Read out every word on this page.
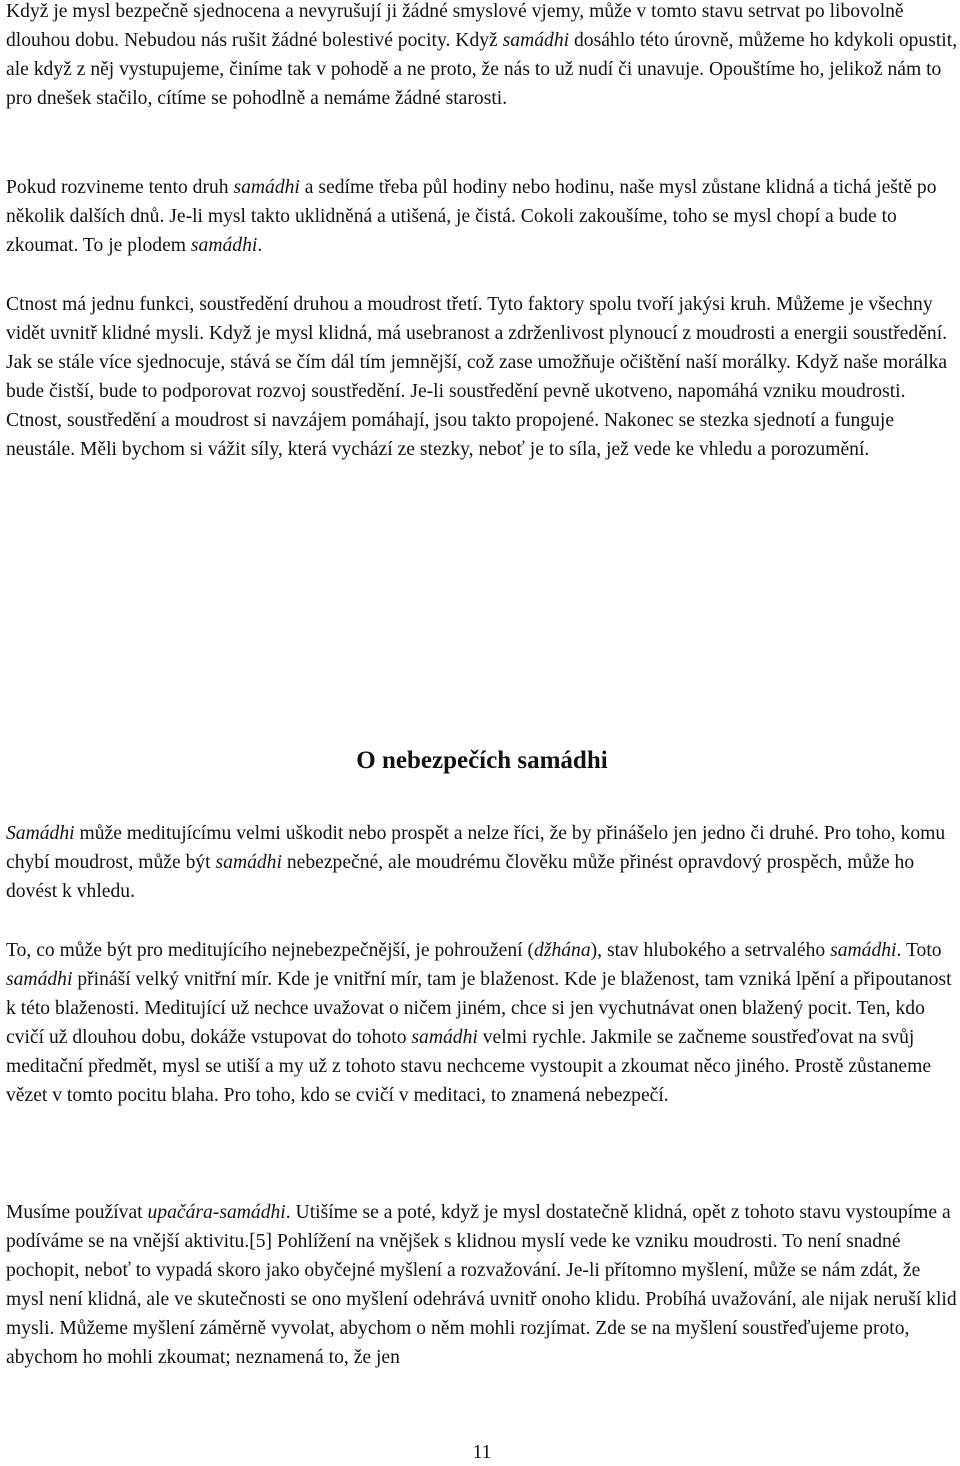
Když je mysl bezpečně sjednocena a nevyrušují ji žádné smyslové vjemy, může v tomto stavu setrvat po libovolně dlouhou dobu. Nebudou nás rušit žádné bolestivé pocity. Když samádhi dosáhlo této úrovně, můžeme ho kdykoli opustit, ale když z něj vystupujeme, činíme tak v pohodě a ne proto, že nás to už nudí či unavuje. Opouštíme ho, jelikož nám to pro dnešek stačilo, cítíme se pohodlně a nemáme žádné starosti.

Pokud rozvineme tento druh samádhi a sedíme třeba půl hodiny nebo hodinu, naše mysl zůstane klidná a tichá ještě po několik dalších dnů. Je-li mysl takto uklidněná a utišená, je čistá. Cokoli zakoušíme, toho se mysl chopí a bude to zkoumat. To je plodem samádhi.

Ctnost má jednu funkci, soustředění druhou a moudrost třetí. Tyto faktory spolu tvoří jakýsi kruh. Můžeme je všechny vidět uvnitř klidné mysli. Když je mysl klidná, má usebranost a zdrženlivost plynoucí z moudrosti a energii soustředění. Jak se stále více sjednocuje, stává se čím dál tím jemnější, což zase umožňuje očištění naší morálky. Když naše morálka bude čistší, bude to podporovat rozvoj soustředění. Je-li soustředění pevně ukotveno, napomáhá vzniku moudrosti. Ctnost, soustředění a moudrost si navzájem pomáhají, jsou takto propojené. Nakonec se stezka sjednotí a funguje neustále. Měli bychom si vážit síly, která vychází ze stezky, neboť je to síla, jež vede ke vhledu a porozumění.

O nebezpečích samádhi

Samádhi může meditujícímu velmi uškodit nebo prospět a nelze říci, že by přinášelo jen jedno či druhé. Pro toho, komu chybí moudrost, může být samádhi nebezpečné, ale moudrému člověku může přinést opravdový prospěch, může ho dovést k vhledu.

To, co může být pro meditujícího nejnebezpečnější, je pohroužení (džhána), stav hlubokého a setrvalého samádhi. Toto samádhi přináší velký vnitřní mír. Kde je vnitřní mír, tam je blaženost. Kde je blaženost, tam vzniká lpění a připoutanost k této blaženosti. Meditující už nechce uvažovat o ničem jiném, chce si jen vychutnávat onen blažený pocit. Ten, kdo cvičí už dlouhou dobu, dokáže vstupovat do tohoto samádhi velmi rychle. Jakmile se začneme soustřeďovat na svůj meditační předmět, mysl se utiší a my už z tohoto stavu nechceme vystoupit a zkoumat něco jiného. Prostě zůstaneme vězet v tomto pocitu blaha. Pro toho, kdo se cvičí v meditaci, to znamená nebezpečí.

Musíme používat upačára-samádhi. Utišíme se a poté, když je mysl dostatečně klidná, opět z tohoto stavu vystoupíme a podíváme se na vnější aktivitu.[5] Pohlížení na vnějšek s klidnou myslí vede ke vzniku moudrosti. To není snadné pochopit, neboť to vypadá skoro jako obyčejné myšlení a rozvažování. Je-li přítomno myšlení, může se nám zdát, že mysl není klidná, ale ve skutečnosti se ono myšlení odehrává uvnitř onoho klidu. Probíhá uvažování, ale nijak neruší klid mysli. Můžeme myšlení záměrně vyvolat, abychom o něm mohli rozjímat. Zde se na myšlení soustřeďujeme proto, abychom ho mohli zkoumat; neznamená to, že jen

11
